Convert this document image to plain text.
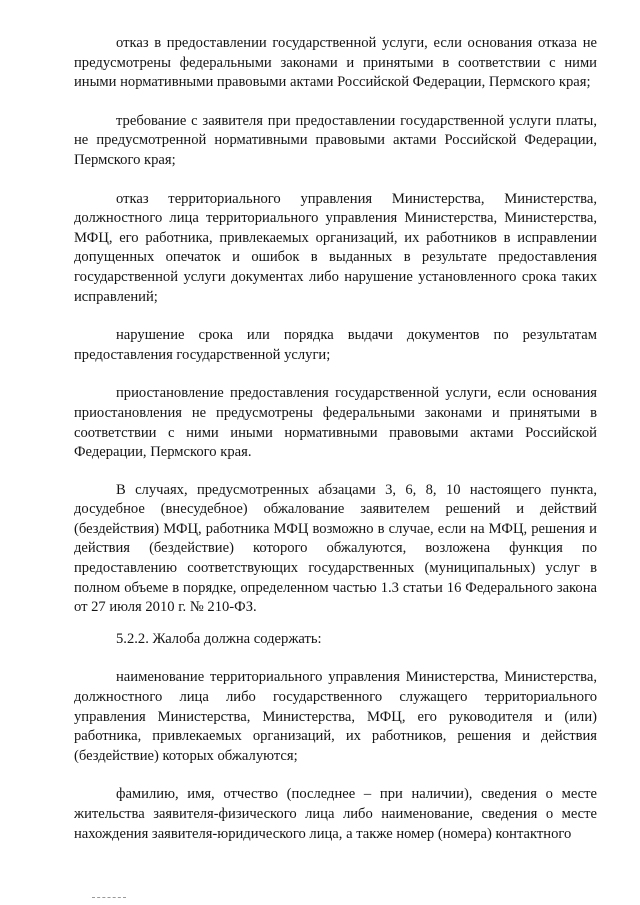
отказ в предоставлении государственной услуги, если основания отказа не предусмотрены федеральными законами и принятыми в соответствии с ними иными нормативными правовыми актами Российской Федерации, Пермского края;

требование с заявителя при предоставлении государственной услуги платы, не предусмотренной нормативными правовыми актами Российской Федерации, Пермского края;

отказ территориального управления Министерства, Министерства, должностного лица территориального управления Министерства, Министерства, МФЦ, его работника, привлекаемых организаций, их работников в исправлении допущенных опечаток и ошибок в выданных в результате предоставления государственной услуги документах либо нарушение установленного срока таких исправлений;

нарушение срока или порядка выдачи документов по результатам предоставления государственной услуги;

приостановление предоставления государственной услуги, если основания приостановления не предусмотрены федеральными законами и принятыми в соответствии с ними иными нормативными правовыми актами Российской Федерации, Пермского края.

В случаях, предусмотренных абзацами 3, 6, 8, 10 настоящего пункта, досудебное (внесудебное) обжалование заявителем решений и действий (бездействия) МФЦ, работника МФЦ возможно в случае, если на МФЦ, решения и действия (бездействие) которого обжалуются, возложена функция по предоставлению соответствующих государственных (муниципальных) услуг в полном объеме в порядке, определенном частью 1.3 статьи 16 Федерального закона от 27 июля 2010 г. № 210-ФЗ.

5.2.2. Жалоба должна содержать:

наименование территориального управления Министерства, Министерства, должностного лица либо государственного служащего территориального управления Министерства, Министерства, МФЦ, его руководителя и (или) работника, привлекаемых организаций, их работников, решения и действия (бездействие) которых обжалуются;

фамилию, имя, отчество (последнее – при наличии), сведения о месте жительства заявителя-физического лица либо наименование, сведения о месте нахождения заявителя-юридического лица, а также номер (номера) контактного
